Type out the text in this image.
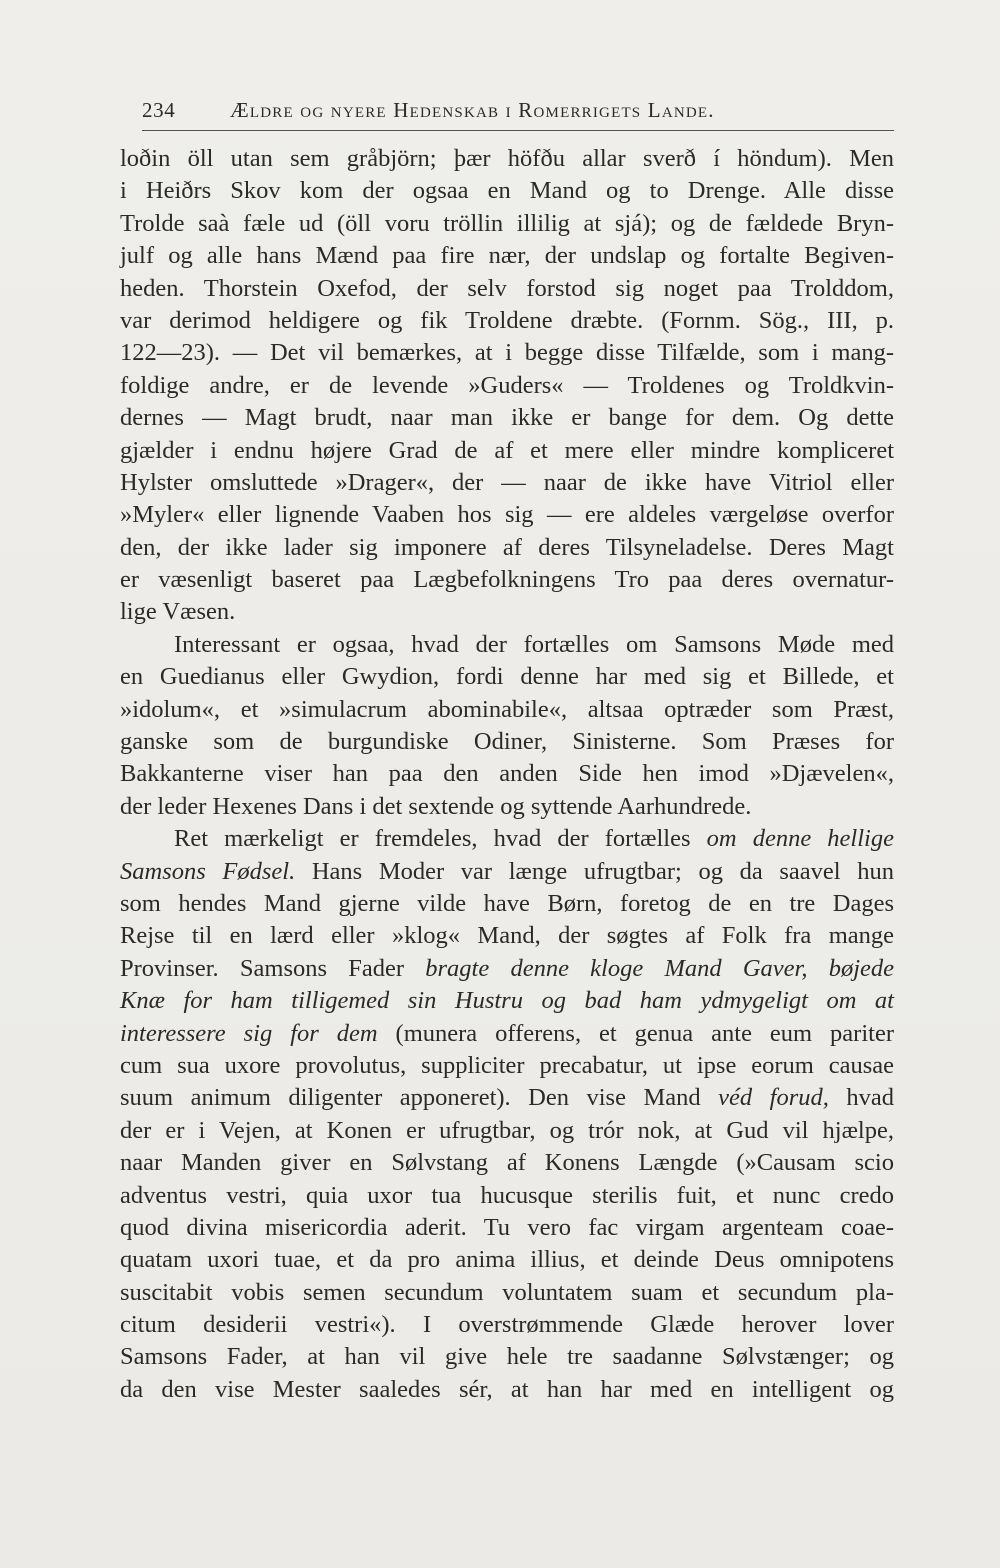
234	Ældre og nyere Hedenskab i Romerrigets Lande.
loðin öll utan sem gråbjörn; þær höfðu allar sverð í höndum). Men
i Heiðrs Skov kom der ogsaa en Mand og to Drenge. Alle disse
Trolde saà fæle ud (öll voru tröllin illilig at sjá); og de fældede Bryn-
julf og alle hans Mænd paa fire nær, der undslap og fortalte Begiven-
heden. Thorstein Oxefod, der selv forstod sig noget paa Trolddom,
var derimod heldigere og fik Troldene dræbte. (Fornm. Sög., III, p.
122—23). — Det vil bemærkes, at i begge disse Tilfælde, som i mang-
foldige andre, er de levende »Guders« — Troldenes og Troldkvin-
dernes — Magt brudt, naar man ikke er bange for dem. Og dette
gjælder i endnu højere Grad de af et mere eller mindre kompliceret
Hylster omsluttede »Drager«, der — naar de ikke have Vitriol eller
»Myler« eller lignende Vaaben hos sig — ere aldeles værgeløse overfor
den, der ikke lader sig imponere af deres Tilsyneladelse. Deres Magt
er væsenligt baseret paa Lægbefolkningens Tro paa deres overnatur-
lige Væsen.
Interessant er ogsaa, hvad der fortælles om Samsons Møde med
en Guedianus eller Gwydion, fordi denne har med sig et Billede, et
»idolum«, et »simulacrum abominabile«, altsaa optræder som Præst,
ganske som de burgundiske Odiner, Sinisterne. Som Præses for
Bakkanterne viser han paa den anden Side hen imod »Djævelen«,
der leder Hexenes Dans i det sextende og syttende Aarhundrede.
Ret mærkeligt er fremdeles, hvad der fortælles om denne hellige
Samsons Fødsel. Hans Moder var længe ufrugtbar; og da saavel hun
som hendes Mand gjerne vilde have Børn, foretog de en tre Dages
Rejse til en lærd eller »klog« Mand, der søgtes af Folk fra mange
Provinser. Samsons Fader bragte denne kloge Mand Gaver, bøjede
Knæ for ham tilligemed sin Hustru og bad ham ydmygeligt om at
interessere sig for dem (munera offerens, et genua ante eum pariter
cum sua uxore provolutus, suppliciter precabatur, ut ipse eorum causae
suum animum diligenter apponeret). Den vise Mand véd forud, hvad
der er i Vejen, at Konen er ufrugtbar, og trór nok, at Gud vil hjælpe,
naar Manden giver en Sølvstang af Konens Længde (»Causam scio
adventus vestri, quia uxor tua hucusque sterilis fuit, et nunc credo
quod divina misericordia aderit. Tu vero fac virgam argenteam coae-
quatam uxori tuae, et da pro anima illius, et deinde Deus omnipotens
suscitabit vobis semen secundum voluntatem suam et secundum pla-
citum desiderii vestri«). I overstrømmende Glæde herover lover
Samsons Fader, at han vil give hele tre saadanne Sølvstænger; og
da den vise Mester saaledes sér, at han har med en intelligent og
